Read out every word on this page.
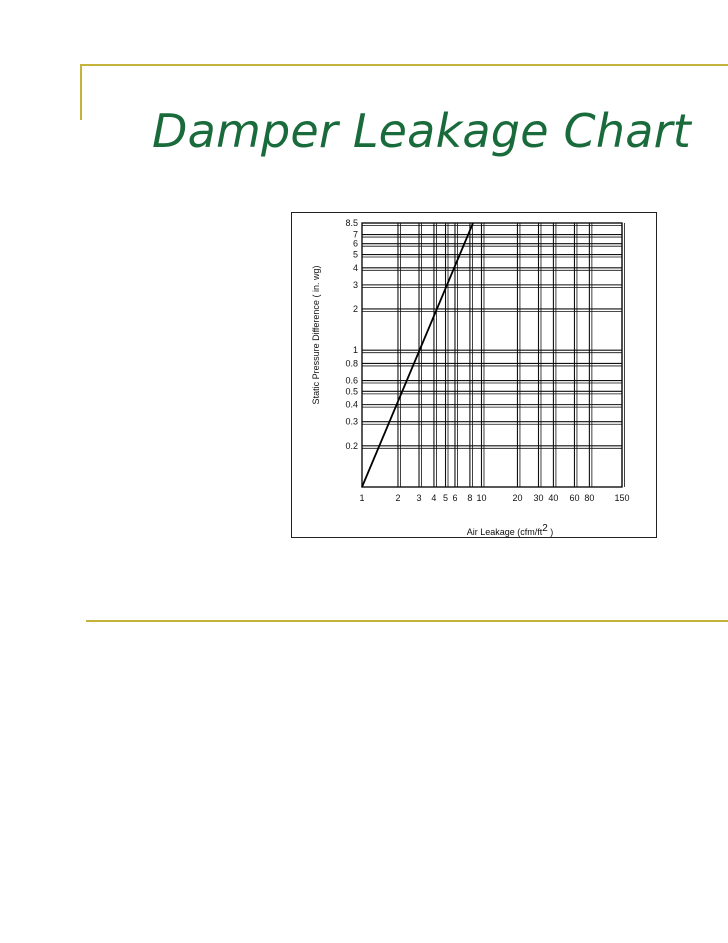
Damper Leakage Chart
1	2 3 4 5 6 8 10	20 30 40 60 80 150
0.2
0.3
0.4
0.5
0.6
0.8
1
2
3
4
5
6
7
8.5
Air Leakage (cfm/ft2 )
Static Pressure Difference ( in. wg)
